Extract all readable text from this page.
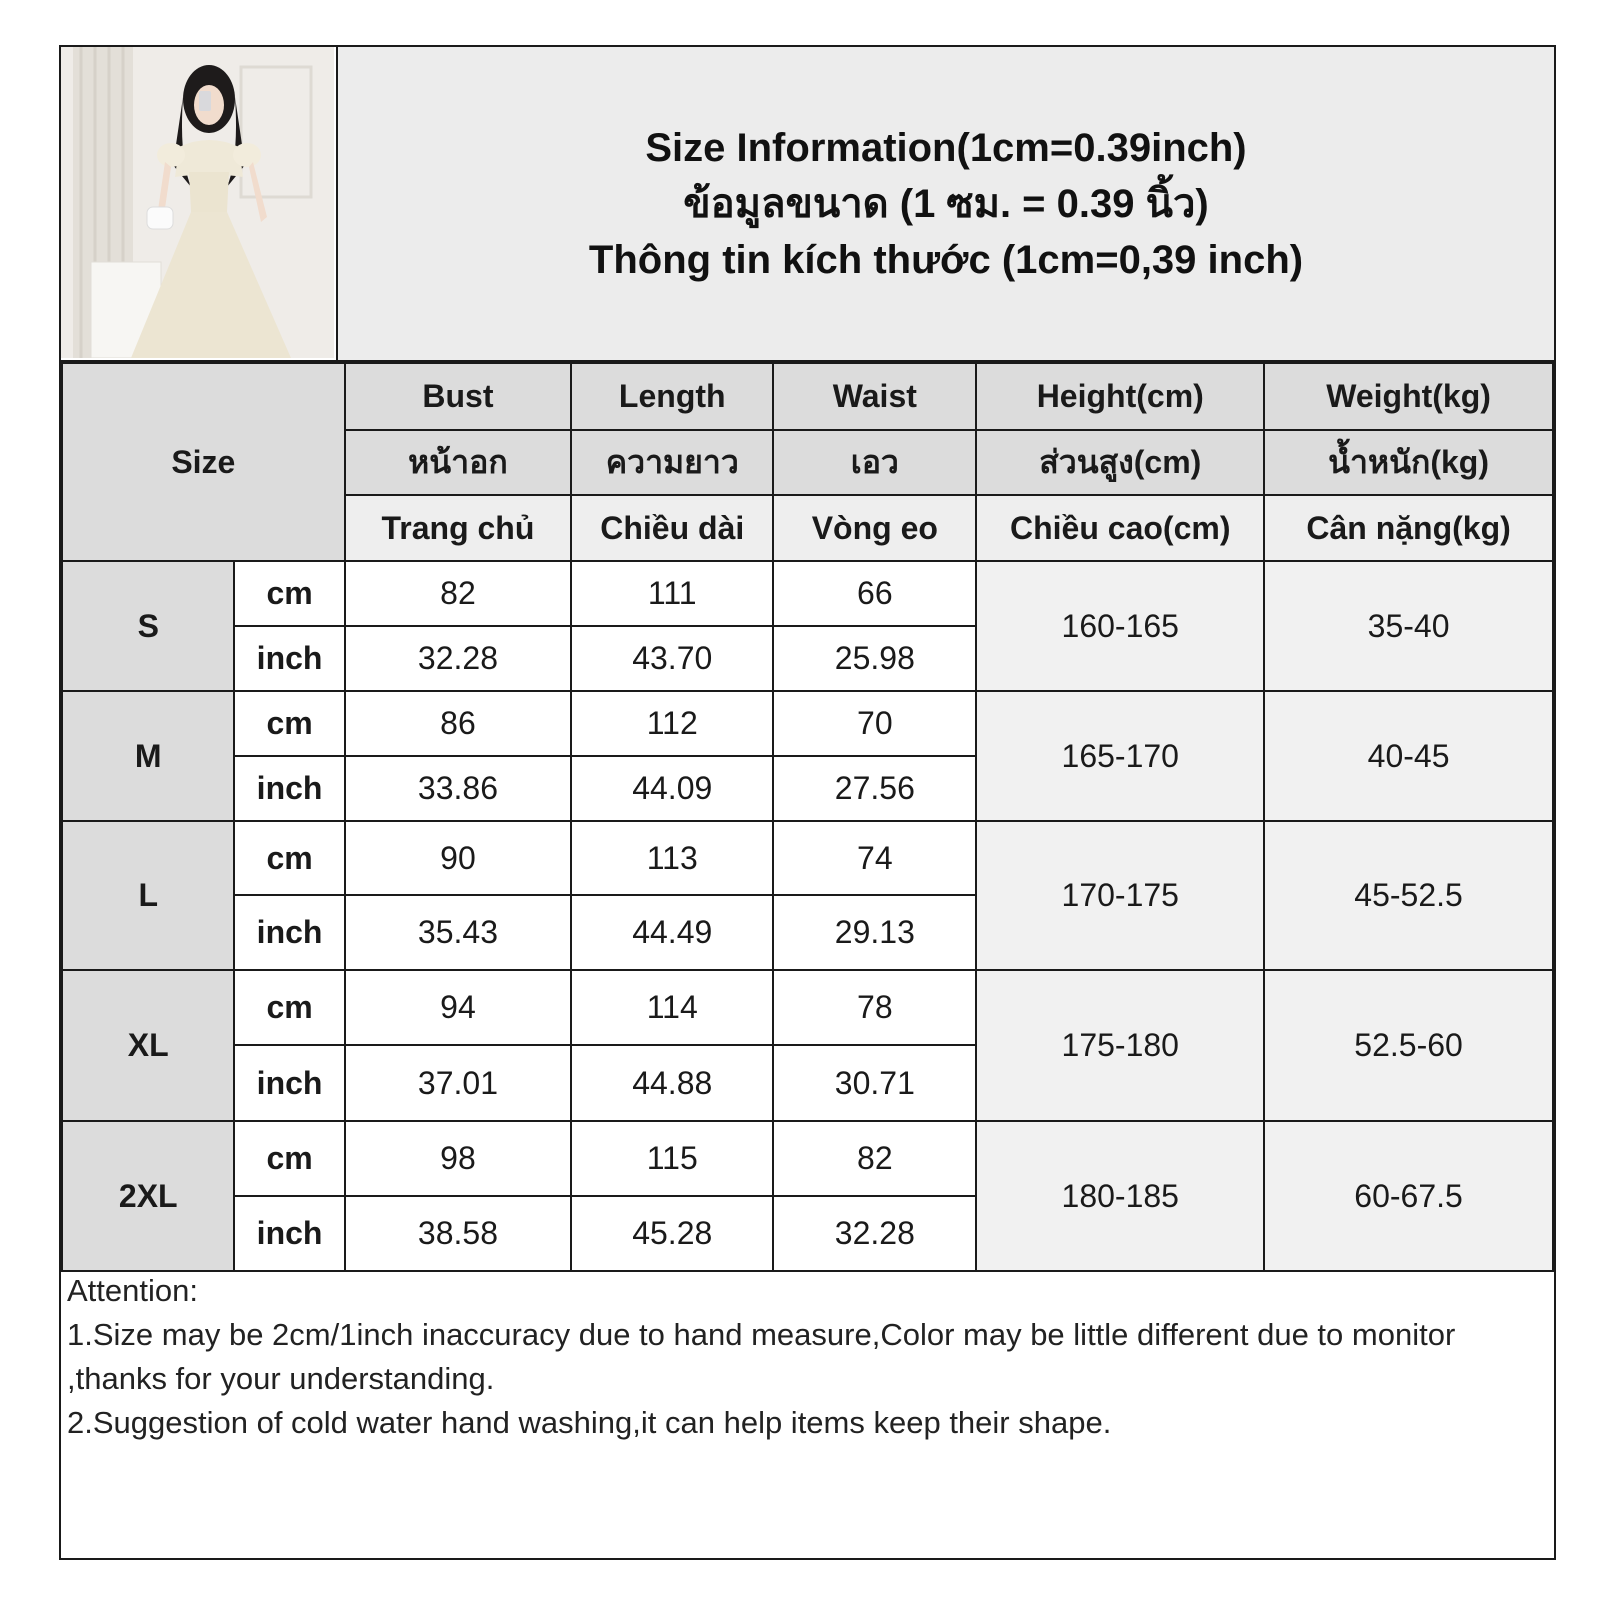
Size Information(1cm=0.39inch)
ข้อมูลขนาด (1 ซม. = 0.39 นิ้ว)
Thông tin kích thước (1cm=0,39 inch)
Size		Bust	Length	Waist	Height(cm)	Weight(kg)
		หน้าอก	ความยาว	เอว	ส่วนสูง(cm)	น้ำหนัก(kg)
		Trang chủ	Chiều dài	Vòng eo	Chiều cao(cm)	Cân nặng(kg)
S	cm	82	111	66	160-165	35-40
	inch	32.28	43.70	25.98		
M	cm	86	112	70	165-170	40-45
	inch	33.86	44.09	27.56		
L	cm	90	113	74	170-175	45-52.5
	inch	35.43	44.49	29.13		
XL	cm	94	114	78	175-180	52.5-60
	inch	37.01	44.88	30.71		
2XL	cm	98	115	82	180-185	60-67.5
	inch	38.58	45.28	32.28		
Attention:
1.Size may be 2cm/1inch inaccuracy due to hand measure,Color may be little different due to monitor ,thanks for your understanding.
2.Suggestion of cold water hand washing,it can help items keep their shape.
